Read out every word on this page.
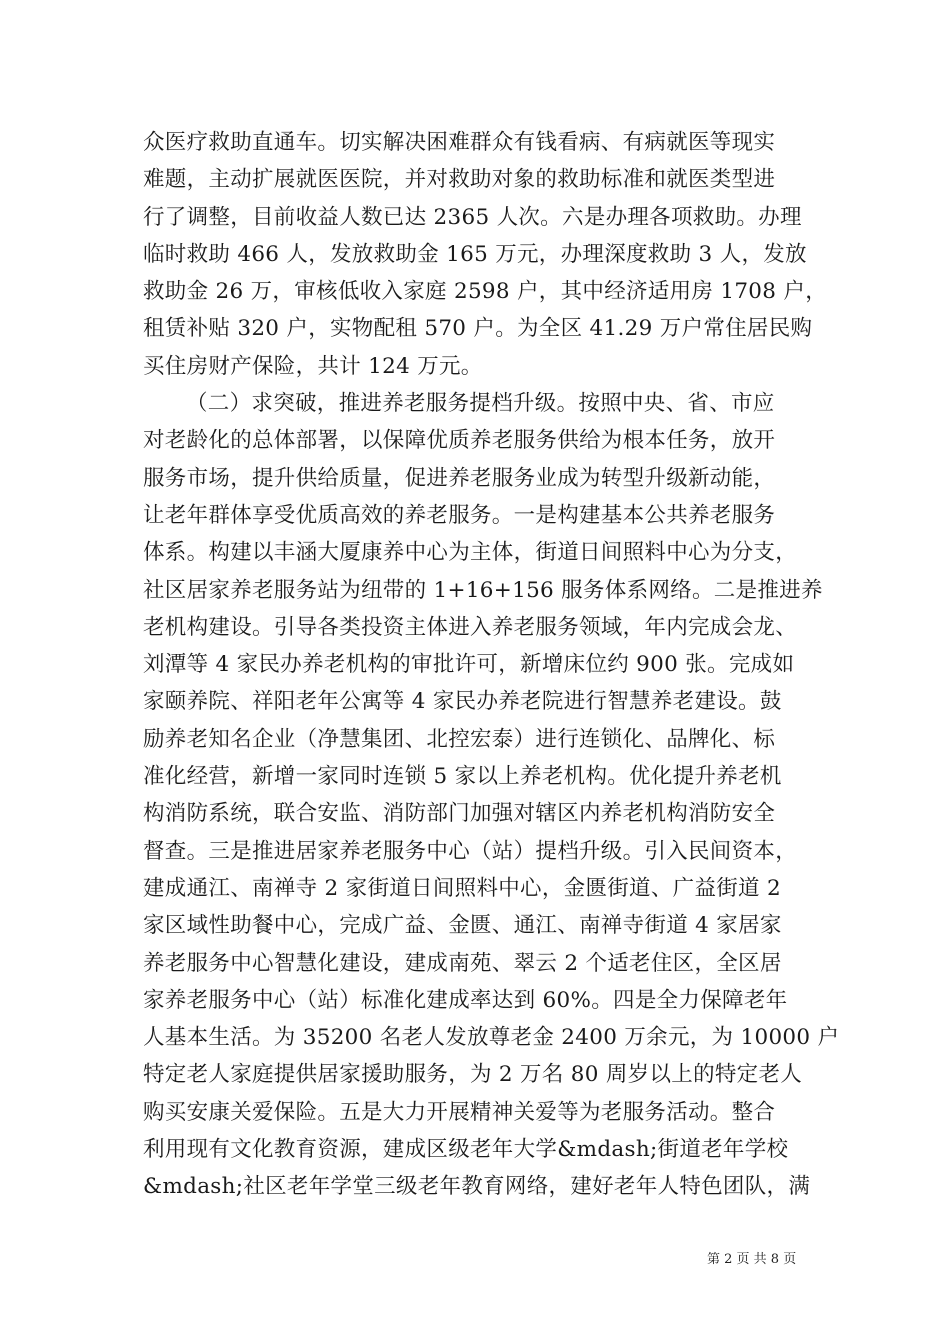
众医疗救助直通车。切实解决困难群众有钱看病、有病就医等现实
难题，主动扩展就医医院，并对救助对象的救助标准和就医类型进
行了调整，目前收益人数已达 2365 人次。六是办理各项救助。办理
临时救助 466 人，发放救助金 165 万元，办理深度救助 3 人，发放
救助金 26 万，审核低收入家庭 2598 户，其中经济适用房 1708 户，
租赁补贴 320 户，实物配租 570 户。为全区 41.29 万户常住居民购
买住房财产保险，共计 124 万元。
（二）求突破，推进养老服务提档升级。按照中央、省、市应
对老龄化的总体部署，以保障优质养老服务供给为根本任务，放开
服务市场，提升供给质量，促进养老服务业成为转型升级新动能，
让老年群体享受优质高效的养老服务。一是构建基本公共养老服务
体系。构建以丰涵大厦康养中心为主体，街道日间照料中心为分支，
社区居家养老服务站为纽带的 1+16+156 服务体系网络。二是推进养
老机构建设。引导各类投资主体进入养老服务领域，年内完成会龙、
刘潭等 4 家民办养老机构的审批许可，新增床位约 900 张。完成如
家颐养院、祥阳老年公寓等 4 家民办养老院进行智慧养老建设。鼓
励养老知名企业（净慧集团、北控宏泰）进行连锁化、品牌化、标
准化经营，新增一家同时连锁 5 家以上养老机构。优化提升养老机
构消防系统，联合安监、消防部门加强对辖区内养老机构消防安全
督查。三是推进居家养老服务中心（站）提档升级。引入民间资本，
建成通江、南禅寺 2 家街道日间照料中心，金匮街道、广益街道 2
家区域性助餐中心，完成广益、金匮、通江、南禅寺街道 4 家居家
养老服务中心智慧化建设，建成南苑、翠云 2 个适老住区，全区居
家养老服务中心（站）标准化建成率达到 60%。四是全力保障老年
人基本生活。为 35200 名老人发放尊老金 2400 万余元，为 10000 户
特定老人家庭提供居家援助服务，为 2 万名 80 周岁以上的特定老人
购买安康关爱保险。五是大力开展精神关爱等为老服务活动。整合
利用现有文化教育资源，建成区级老年大学&mdash;街道老年学校
&mdash;社区老年学堂三级老年教育网络，建好老年人特色团队，满
第 2 页 共 8 页
